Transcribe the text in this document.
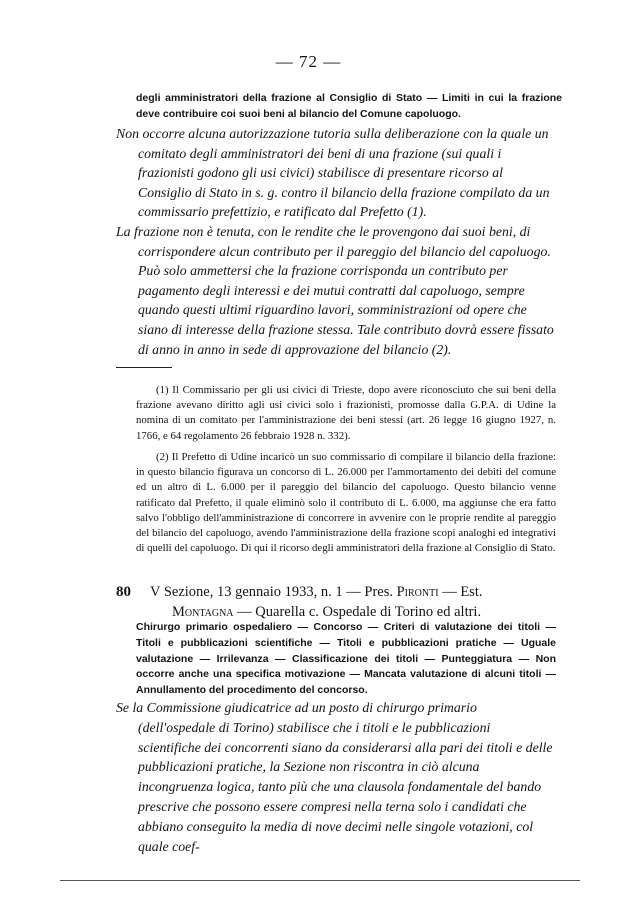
— 72 —
degli amministratori della frazione al Consiglio di Stato — Limiti in cui la frazione deve contribuire coi suoi beni al bilancio del Comune capoluogo.
Non occorre alcuna autorizzazione tutoria sulla deliberazione con la quale un comitato degli amministratori dei beni di una frazione (sui quali i frazionisti godono gli usi civici) stabilisce di presentare ricorso al Consiglio di Stato in s. g. contro il bilancio della frazione compilato da un commissario prefettizio, e ratificato dal Prefetto (1).
La frazione non è tenuta, con le rendite che le provengono dai suoi beni, di corrispondere alcun contributo per il pareggio del bilancio del capoluogo. Può solo ammettersi che la frazione corrisponda un contributo per pagamento degli interessi e dei mutui contratti dal capoluogo, sempre quando questi ultimi riguardino lavori, somministrazioni od opere che siano di interesse della frazione stessa. Tale contributo dovrà essere fissato di anno in anno in sede di approvazione del bilancio (2).
(1) Il Commissario per gli usi civici di Trieste, dopo avere riconosciuto che sui beni della frazione avevano diritto agli usi civici solo i frazionisti, promosse dalla G.P.A. di Udine la nomina di un comitato per l'amministrazione dei beni stessi (art. 26 legge 16 giugno 1927, n. 1766, e 64 regolamento 26 febbraio 1928 n. 332).
(2) Il Prefetto di Udine incaricò un suo commissario di compilare il bilancio della frazione: in questo bilancio figurava un concorso di L. 26.000 per l'ammortamento dei debiti del comune ed un altro di L. 6.000 per il pareggio del bilancio del capoluogo. Questo bilancio venne ratificato dal Prefetto, il quale eliminò solo il contributo di L. 6.000, ma aggiunse che era fatto salvo l'obbligo dell'amministrazione di concorrere in avvenire con le proprie rendite al pareggio del bilancio del capoluogo, avendo l'amministrazione della frazione scopi analoghi ed integrativi di quelli del capoluogo. Di qui il ricorso degli amministratori della frazione al Consiglio di Stato.
80 V Sezione, 13 gennaio 1933, n. 1 — Pres. Pironti — Est.
Montagna — Quarella c. Ospedale di Torino ed altri.
Chirurgo primario ospedaliero — Concorso — Criteri di valutazione dei titoli — Titoli e pubblicazioni scientifiche — Titoli e pubblicazioni pratiche — Uguale valutazione — Irrilevanza — Classificazione dei titoli — Punteggiatura — Non occorre anche una specifica motivazione — Mancata valutazione di alcuni titoli — Annullamento del procedimento del concorso.
Se la Commissione giudicatrice ad un posto di chirurgo primario (dell'ospedale di Torino) stabilisce che i titoli e le pubblicazioni scientifiche dei concorrenti siano da considerarsi alla pari dei titoli e delle pubblicazioni pratiche, la Sezione non riscontra in ciò alcuna incongruenza logica, tanto più che una clausola fondamentale del bando prescrive che possono essere compresi nella terna solo i candidati che abbiano conseguito la media di nove decimi nelle singole votazioni, col quale coef-
